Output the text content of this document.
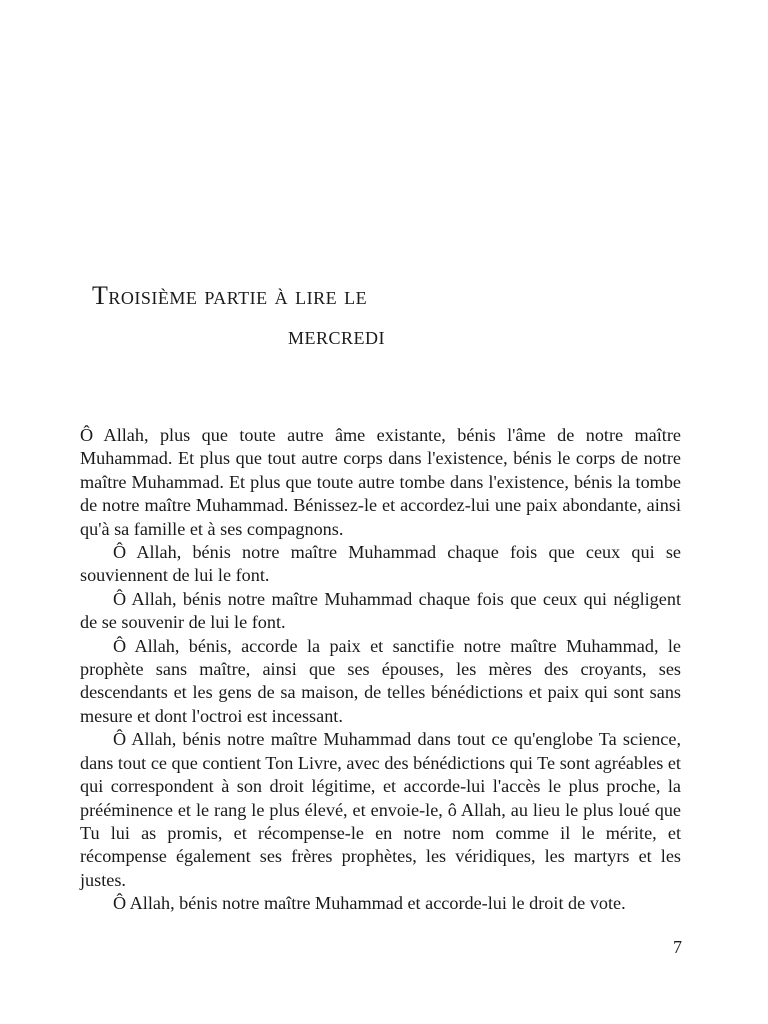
Troisième partie à lire le
mercredi

Ô Allah, plus que toute autre âme existante, bénis l'âme de notre maître Muhammad. Et plus que tout autre corps dans l'existence, bénis le corps de notre maître Muhammad. Et plus que toute autre tombe dans l'existence, bénis la tombe de notre maître Muhammad. Bénissez-le et accordez-lui une paix abondante, ainsi qu'à sa famille et à ses compagnons.

Ô Allah, bénis notre maître Muhammad chaque fois que ceux qui se souviennent de lui le font.

Ô Allah, bénis notre maître Muhammad chaque fois que ceux qui négligent de se souvenir de lui le font.

Ô Allah, bénis, accorde la paix et sanctifie notre maître Muhammad, le prophète sans maître, ainsi que ses épouses, les mères des croyants, ses descendants et les gens de sa maison, de telles bénédictions et paix qui sont sans mesure et dont l'octroi est incessant.

Ô Allah, bénis notre maître Muhammad dans tout ce qu'englobe Ta science, dans tout ce que contient Ton Livre, avec des bénédictions qui Te sont agréables et qui correspondent à son droit légitime, et accorde-lui l'accès le plus proche, la prééminence et le rang le plus élevé, et envoie-le, ô Allah, au lieu le plus loué que Tu lui as promis, et récompense-le en notre nom comme il le mérite, et récompense également ses frères prophètes, les véridiques, les martyrs et les justes.

Ô Allah, bénis notre maître Muhammad et accorde-lui le droit de vote.

7
